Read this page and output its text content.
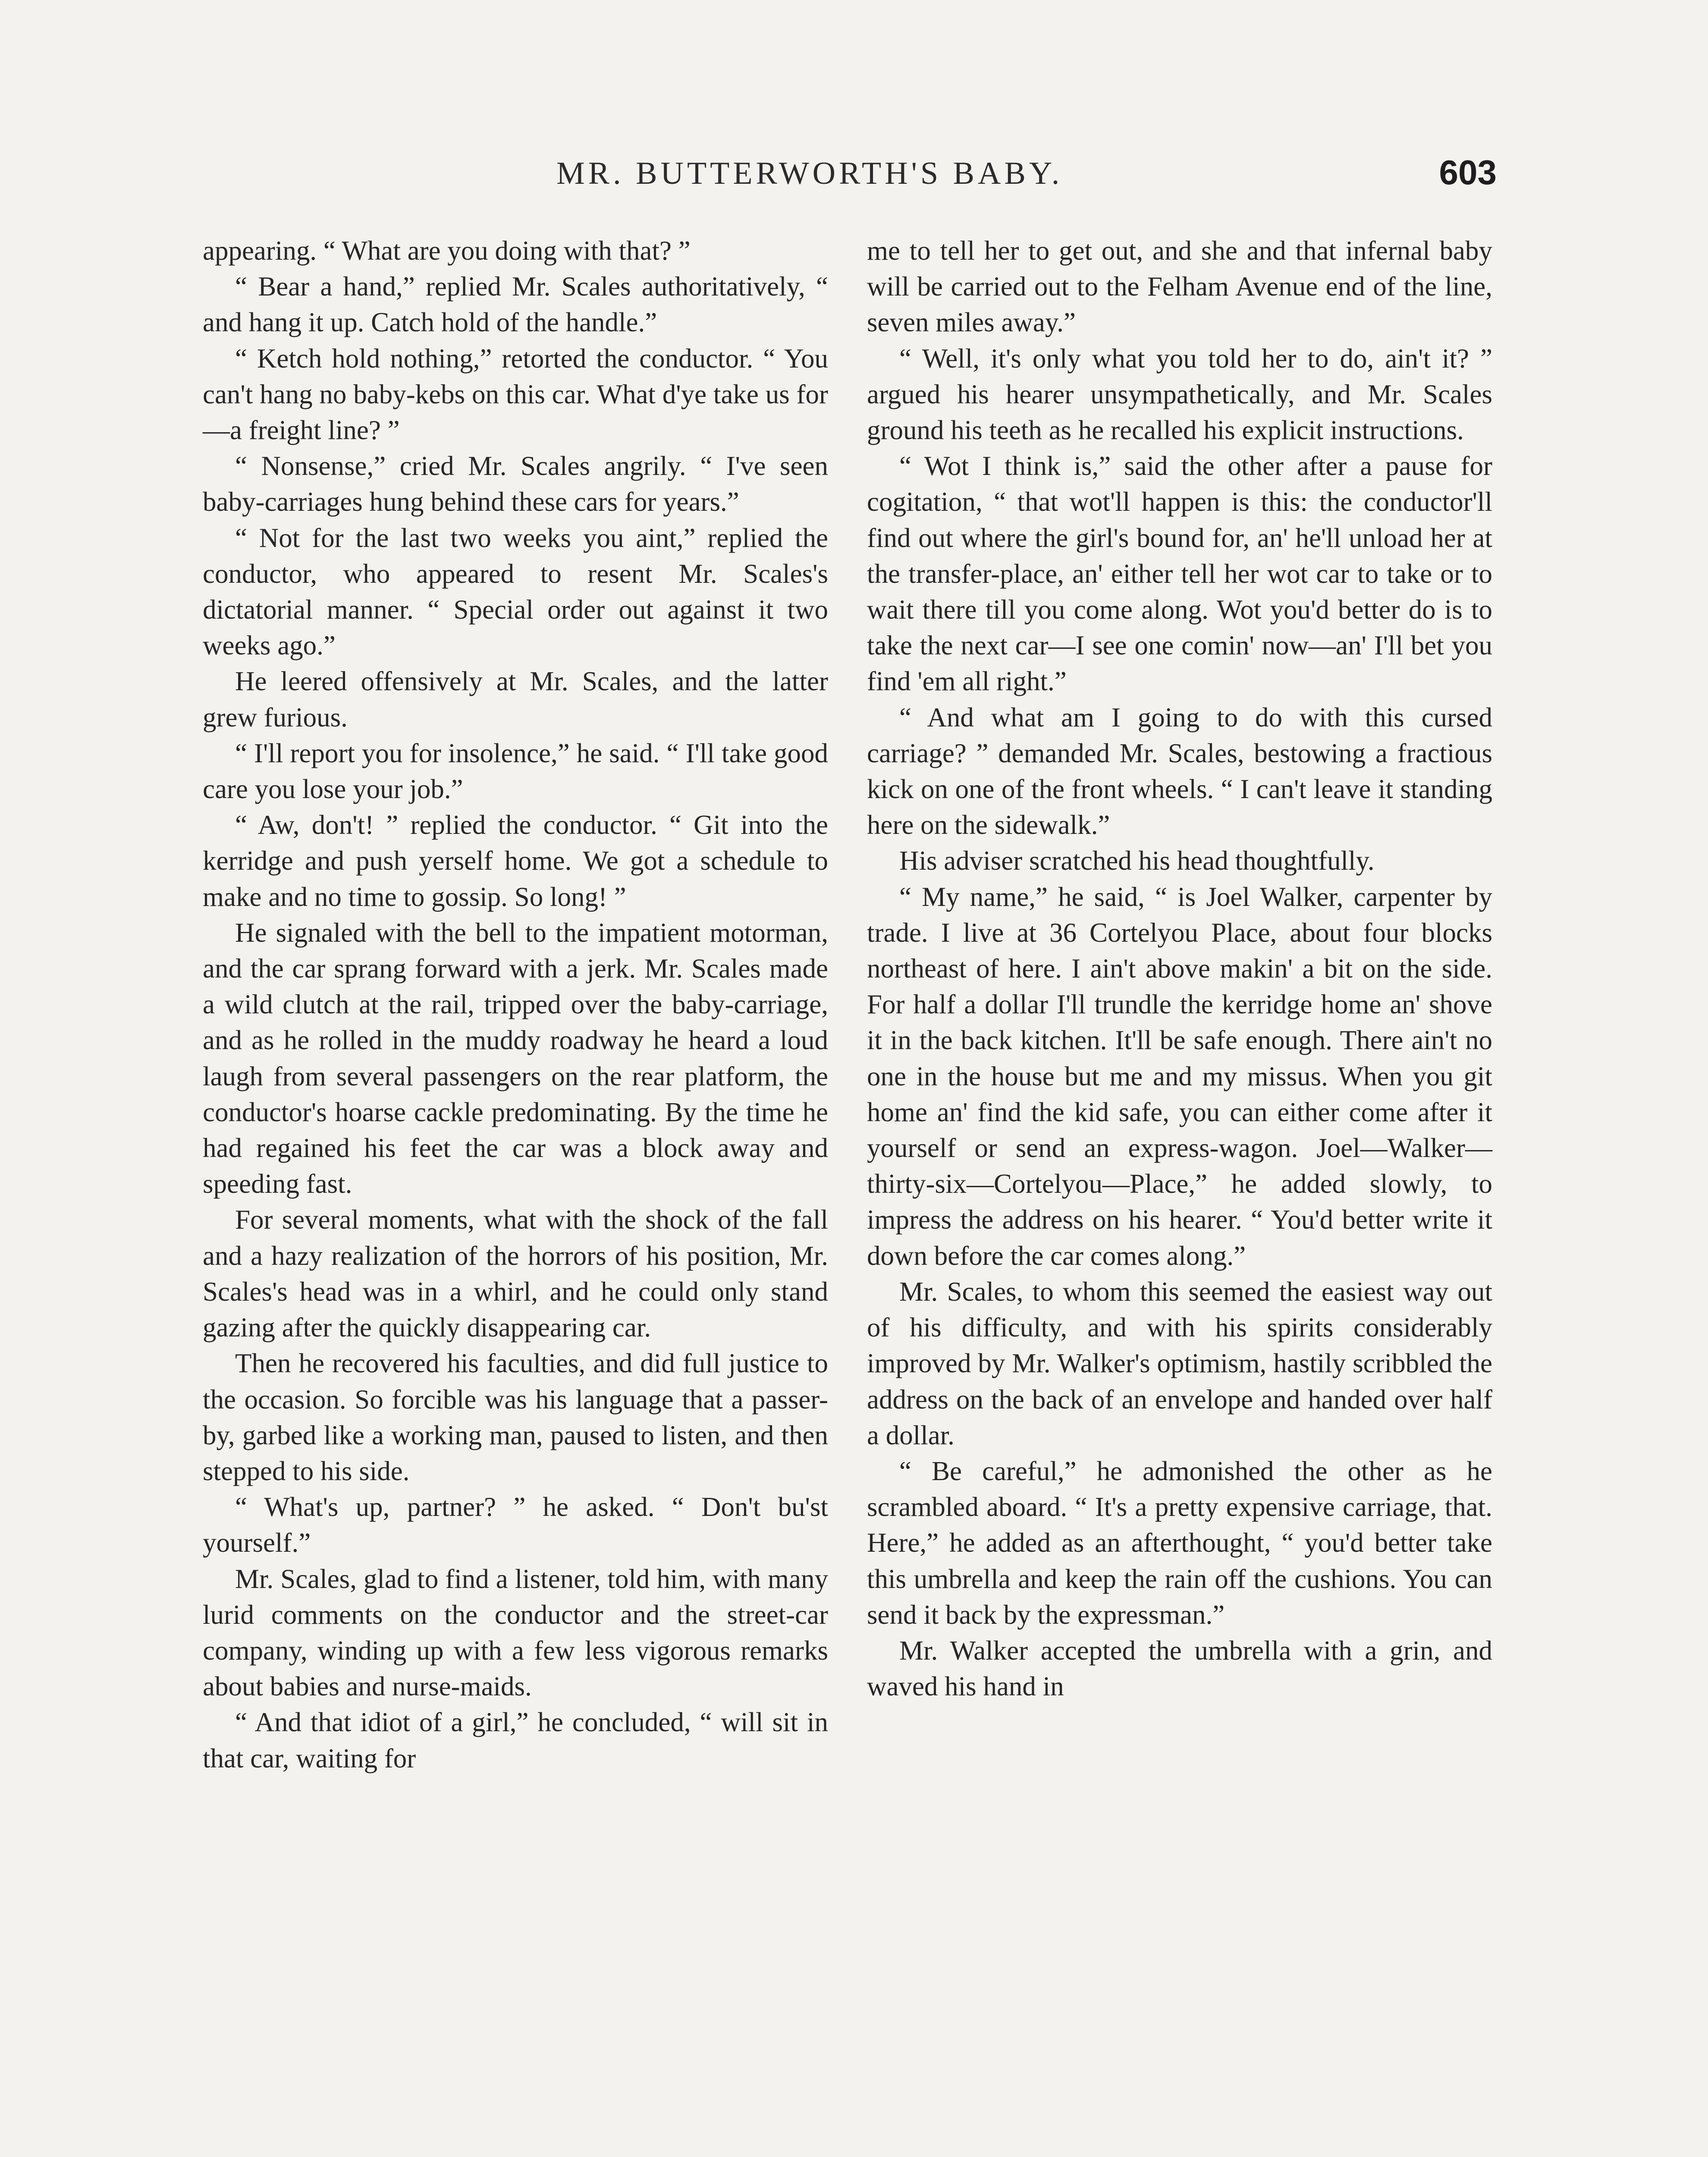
MR. BUTTERWORTH'S BABY.	603

appearing. “ What are you doing with that? ”

“ Bear a hand,” replied Mr. Scales authoritatively, “ and hang it up. Catch hold of the handle.”

“ Ketch hold nothing,” retorted the conductor. “ You can't hang no baby-kebs on this car. What d'ye take us for —a freight line? ”

“ Nonsense,” cried Mr. Scales angrily. “ I've seen baby-carriages hung behind these cars for years.”

“ Not for the last two weeks you aint,” replied the conductor, who appeared to resent Mr. Scales's dictatorial manner. “ Special order out against it two weeks ago.”

He leered offensively at Mr. Scales, and the latter grew furious.

“ I'll report you for insolence,” he said. “ I'll take good care you lose your job.”

“ Aw, don't! ” replied the conductor. “ Git into the kerridge and push yerself home. We got a schedule to make and no time to gossip. So long! ”

He signaled with the bell to the impatient motorman, and the car sprang forward with a jerk. Mr. Scales made a wild clutch at the rail, tripped over the baby-carriage, and as he rolled in the muddy roadway he heard a loud laugh from several passengers on the rear platform, the conductor's hoarse cackle predominating. By the time he had regained his feet the car was a block away and speeding fast.

For several moments, what with the shock of the fall and a hazy realization of the horrors of his position, Mr. Scales's head was in a whirl, and he could only stand gazing after the quickly disappearing car.

Then he recovered his faculties, and did full justice to the occasion. So forcible was his language that a passer-by, garbed like a working man, paused to listen, and then stepped to his side.

“ What's up, partner? ” he asked. “ Don't bu'st yourself.”

Mr. Scales, glad to find a listener, told him, with many lurid comments on the conductor and the street-car company, winding up with a few less vigorous remarks about babies and nurse-maids.

“ And that idiot of a girl,” he concluded, “ will sit in that car, waiting for

me to tell her to get out, and she and that infernal baby will be carried out to the Felham Avenue end of the line, seven miles away.”

“ Well, it's only what you told her to do, ain't it? ” argued his hearer unsympathetically, and Mr. Scales ground his teeth as he recalled his explicit instructions.

“ Wot I think is,” said the other after a pause for cogitation, “ that wot'll happen is this: the conductor'll find out where the girl's bound for, an' he'll unload her at the transfer-place, an' either tell her wot car to take or to wait there till you come along. Wot you'd better do is to take the next car—I see one comin' now—an' I'll bet you find 'em all right.”

“ And what am I going to do with this cursed carriage? ” demanded Mr. Scales, bestowing a fractious kick on one of the front wheels. “ I can't leave it standing here on the sidewalk.”

His adviser scratched his head thoughtfully.

“ My name,” he said, “ is Joel Walker, carpenter by trade. I live at 36 Cortelyou Place, about four blocks northeast of here. I ain't above makin' a bit on the side. For half a dollar I'll trundle the kerridge home an' shove it in the back kitchen. It'll be safe enough. There ain't no one in the house but me and my missus. When you git home an' find the kid safe, you can either come after it yourself or send an express-wagon. Joel—Walker—thirty-six—Cortelyou—Place,” he added slowly, to impress the address on his hearer. “ You'd better write it down before the car comes along.”

Mr. Scales, to whom this seemed the easiest way out of his difficulty, and with his spirits considerably improved by Mr. Walker's optimism, hastily scribbled the address on the back of an envelope and handed over half a dollar.

“ Be careful,” he admonished the other as he scrambled aboard. “ It's a pretty expensive carriage, that. Here,” he added as an afterthought, “ you'd better take this umbrella and keep the rain off the cushions. You can send it back by the expressman.”

Mr. Walker accepted the umbrella with a grin, and waved his hand in
